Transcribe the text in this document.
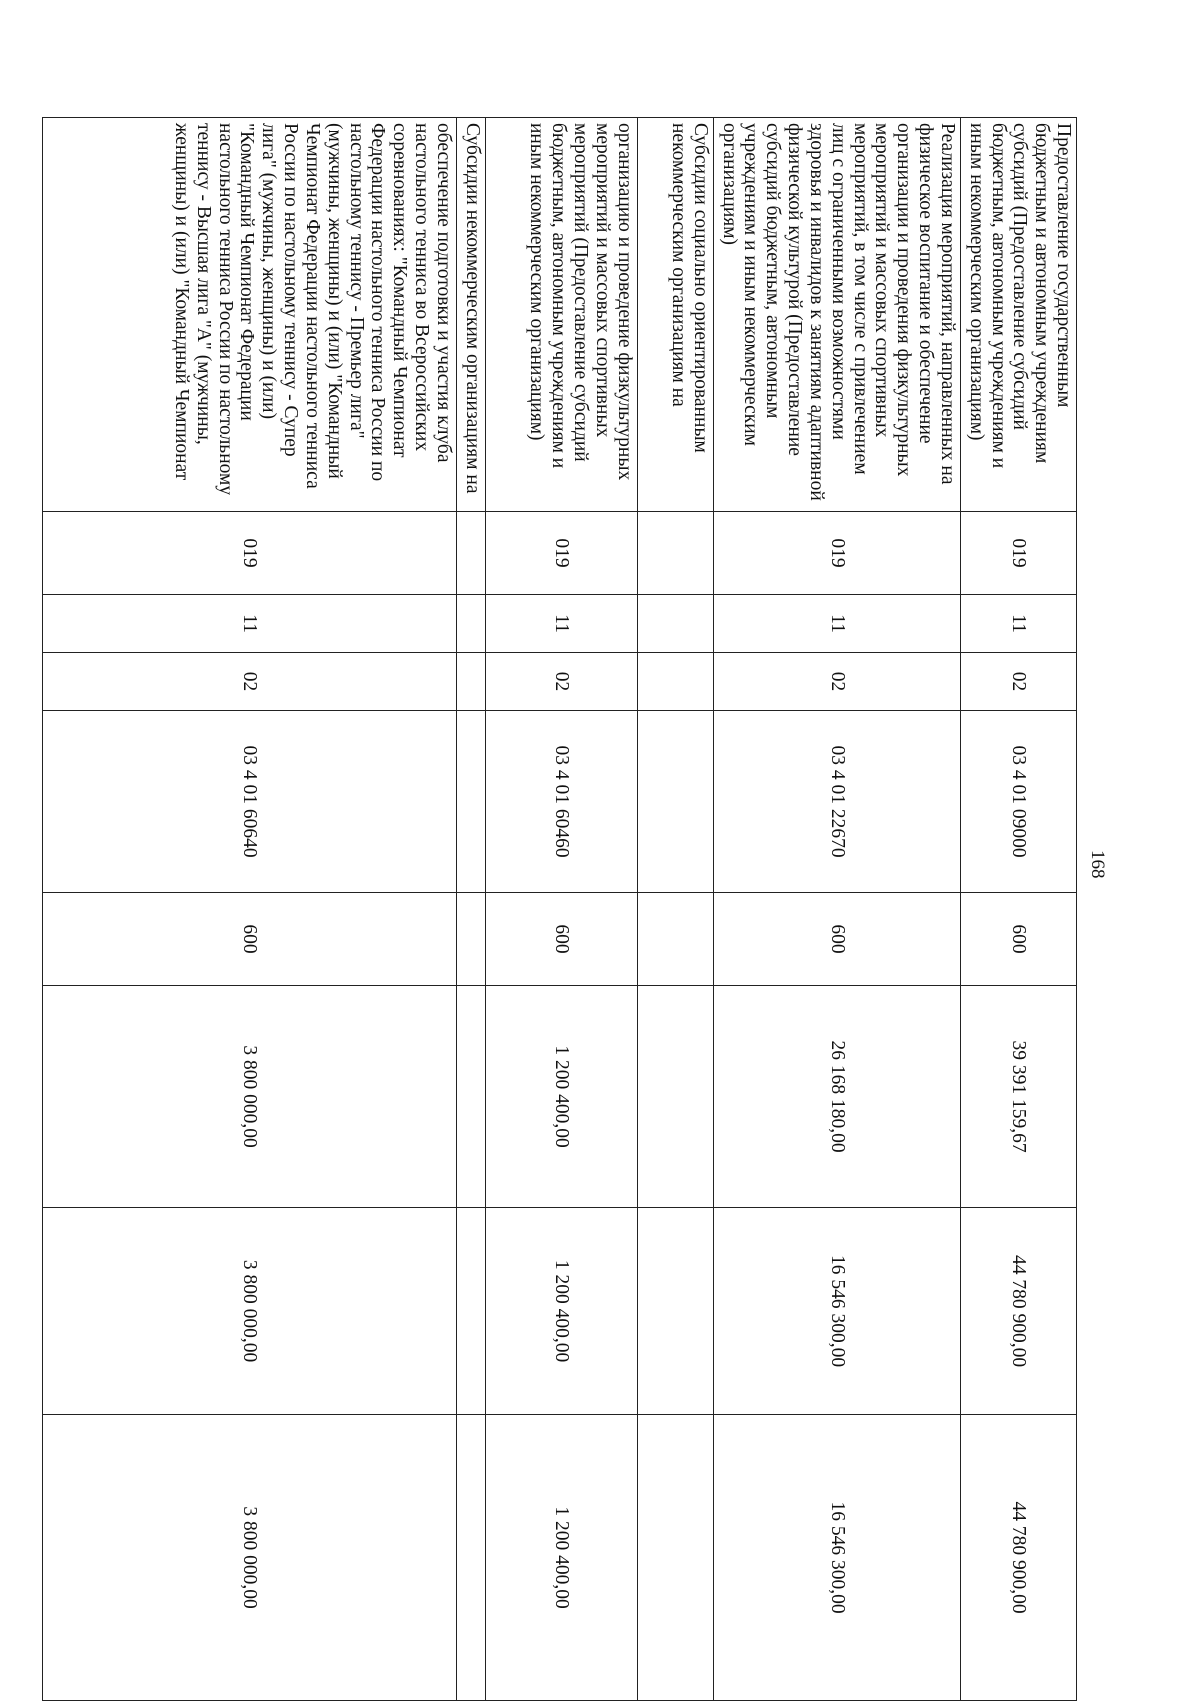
168
Предоставление государственным бюджетным и автономным учреждениям субсидий (Предоставление субсидий бюджетным, автономным учреждениям и иным некоммерческим организациям)	019	11	02	03 4 01 09000	600	39 391 159,67	44 780 900,00	44 780 900,00
Реализация мероприятий, направленных на физическое воспитание и обеспечение организации и проведения физкультурных мероприятий и массовых спортивных мероприятий, в том числе с привлечением лиц с ограниченными возможностями здоровья и инвалидов к занятиям адаптивной физической культурой (Предоставление субсидий бюджетным, автономным учреждениям и иным некоммерческим организациям)	019	11	02	03 4 01 22670	600	26 168 180,00	16 546 300,00	16 546 300,00
Субсидии социально ориентированным некоммерческим организациям на								
организацию и проведение физкультурных мероприятий и массовых спортивных мероприятий (Предоставление субсидий бюджетным, автономным учреждениям и иным некоммерческим организациям)	019	11	02	03 4 01 60460	600	1 200 400,00	1 200 400,00	1 200 400,00
Субсидии некоммерческим организациям на								
обеспечение подготовки и участия клуба настольного тенниса во Всероссийских соревнованиях: "Командный Чемпионат Федерации настольного тенниса России по настольному теннису - Премьер лига" (мужчины, женщины) и (или) "Командный Чемпионат Федерации настольного тенниса России по настольному теннису - Супер лига" (мужчины, женщины) и (или) "Командный Чемпионат Федерации настольного тенниса России по настольному теннису - Высшая лига "А" (мужчины, женщины) и (или) "Командный Чемпионат	019	11	02	03 4 01 60640	600	3 800 000,00	3 800 000,00	3 800 000,00
